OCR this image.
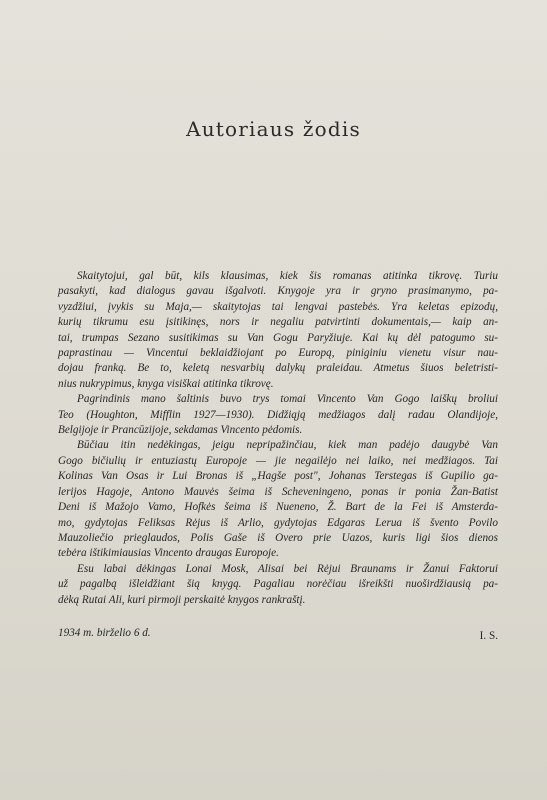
Autoriaus žodis
Skaitytojui, gal būt, kils klausimas, kiek šis romanas atitinka tikrovę. Turiu
pasakyti, kad dialogus gavau išgalvoti. Knygoje yra ir gryno prasimanymo, pa-
vyzdžiui, įvykis su Maja,— skaitytojas tai lengvai pastebės. Yra keletas epizodų,
kurių tikrumu esu įsitikinęs, nors ir negaliu patvirtinti dokumentais,— kaip an-
tai, trumpas Sezano susitikimas su Van Gogu Paryžiuje. Kai kų dėl patogumo su-
paprastinau — Vincentui beklaidžiojant po Europą, piniginiu vienetu visur nau-
dojau franką. Be to, keletą nesvarbių dalykų praleidau. Atmetus šiuos beletristi-
nius nukrypimus, knyga visiškai atitinka tikrovę.
Pagrindinis mano šaltinis buvo trys tomai Vincento Van Gogo laiškų broliui
Teo (Houghton, Mifflin 1927—1930). Didžiąją medžiagos dalį radau Olandijoje,
Belgijoje ir Prancūzijoje, sekdamas Vincento pėdomis.
Būčiau itin nedėkingas, jeigu nepripažinčiau, kiek man padėjo daugybė Van
Gogo bičiulių ir entuziastų Europoje — jie negailėjo nei laiko, nei medžiagos. Tai
Kolinas Van Osas ir Lui Bronas iš „Hagše post", Johanas Terstegas iš Gupilio ga-
lerijos Hagoje, Antono Mauvės šeima iš Scheveningeno, ponas ir ponia Žan-Batist
Deni iš Mažojo Vamo, Hofkės šeima iš Nueneno, Ž. Bart de la Fei iš Amsterda-
mo, gydytojas Feliksas Rėjus iš Arlio, gydytojas Edgaras Lerua iš švento Povilo
Mauzoliečio prieglaudos, Polis Gaše iš Overo prie Uazos, kuris ligi šios dienos
tebėra ištikimiausias Vincento draugas Europoje.
Esu labai dėkingas Lonai Mosk, Alisai bei Rėjui Braunams ir Žanui Faktorui
už pagalbą išleidžiant šią knygą. Pagaliau norėčiau išreikšti nuoširdžiausią pa-
dėką Rutai Ali, kuri pirmoji perskaitė knygos rankraštį.
1934 m. birželio 6 d.	I. S.
